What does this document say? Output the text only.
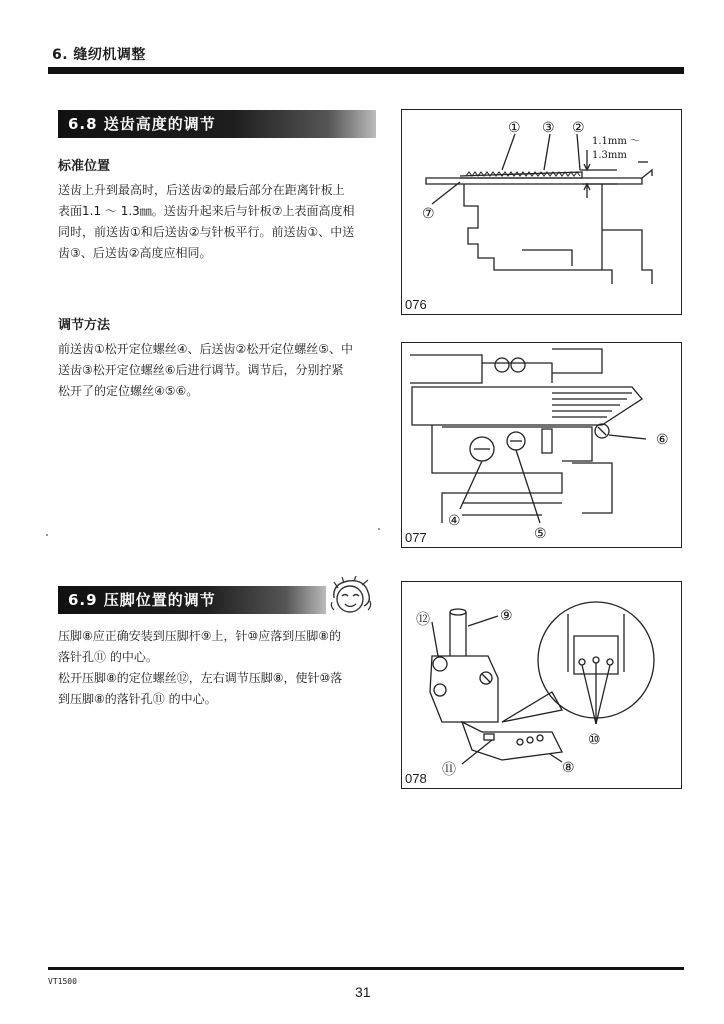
6. 缝纫机调整
6.8 送齿高度的调节
标准位置
送齿上升到最高时，后送齿②的最后部分在距离针板上
表面1.1 ～ 1.3㎜。送齿升起来后与针板⑦上表面高度相
同时，前送齿①和后送齿②与针板平行。前送齿①、中送
齿③、后送齿②高度应相同。
调节方法
前送齿①松开定位螺丝④、后送齿②松开定位螺丝⑤、中
送齿③松开定位螺丝⑥后进行调节。调节后，分别拧紧
松开了的定位螺丝④⑤⑥。
6.9 压脚位置的调节
压脚⑧应正确安装到压脚杆⑨上，针⑩应落到压脚⑧的
落针孔⑪ 的中心。
松开压脚⑧的定位螺丝⑫，左右调节压脚⑧，使针⑩落
到压脚⑧的落针孔⑪ 的中心。
① ③ ②
⑦
1.1mm ～
1.3mm
076
④
⑤
⑥
077
⑫	⑨
⑪	⑧
⑩
078
VT1500
31
